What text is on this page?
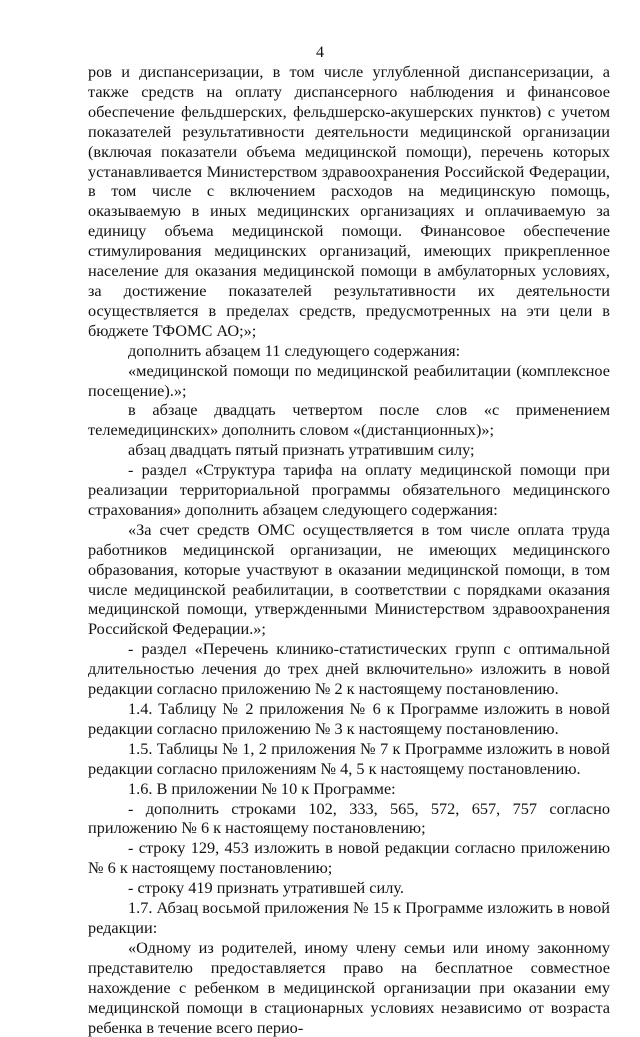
4

ров и диспансеризации, в том числе углубленной диспансеризации, а также средств на оплату диспансерного наблюдения и финансовое обеспечение фельдшерских, фельдшерско-акушерских пунктов) с учетом показателей результативности деятельности медицинской организации (включая показатели объема медицинской помощи), перечень которых устанавливается Министерством здравоохранения Российской Федерации, в том числе с включением расходов на медицинскую помощь, оказываемую в иных медицинских организациях и оплачиваемую за единицу объема медицинской помощи. Финансовое обеспечение стимулирования медицинских организаций, имеющих прикрепленное население для оказания медицинской помощи в амбулаторных условиях, за достижение показателей результативности их деятельности осуществляется в пределах средств, предусмотренных на эти цели в бюджете ТФОМС АО;»;

дополнить абзацем 11 следующего содержания:

«медицинской помощи по медицинской реабилитации (комплексное посещение).»;

в абзаце двадцать четвертом после слов «с применением телемедицинских» дополнить словом «(дистанционных)»;

абзац двадцать пятый признать утратившим силу;

- раздел «Структура тарифа на оплату медицинской помощи при реализации территориальной программы обязательного медицинского страхования» дополнить абзацем следующего содержания:

«За счет средств ОМС осуществляется в том числе оплата труда работников медицинской организации, не имеющих медицинского образования, которые участвуют в оказании медицинской помощи, в том числе медицинской реабилитации, в соответствии с порядками оказания медицинской помощи, утвержденными Министерством здравоохранения Российской Федерации.»;

- раздел «Перечень клинико-статистических групп с оптимальной длительностью лечения до трех дней включительно» изложить в новой редакции согласно приложению № 2 к настоящему постановлению.

1.4. Таблицу № 2 приложения № 6 к Программе изложить в новой редакции согласно приложению № 3 к настоящему постановлению.

1.5. Таблицы № 1, 2 приложения № 7 к Программе изложить в новой редакции согласно приложениям № 4, 5 к настоящему постановлению.

1.6. В приложении № 10 к Программе:

- дополнить строками 102, 333, 565, 572, 657, 757 согласно приложению № 6 к настоящему постановлению;

- строку 129, 453 изложить в новой редакции согласно приложению № 6 к настоящему постановлению;

- строку 419 признать утратившей силу.

1.7. Абзац восьмой приложения № 15 к Программе изложить в новой редакции:

«Одному из родителей, иному члену семьи или иному законному представителю предоставляется право на бесплатное совместное нахождение с ребенком в медицинской организации при оказании ему медицинской помощи в стационарных условиях независимо от возраста ребенка в течение всего перио-
